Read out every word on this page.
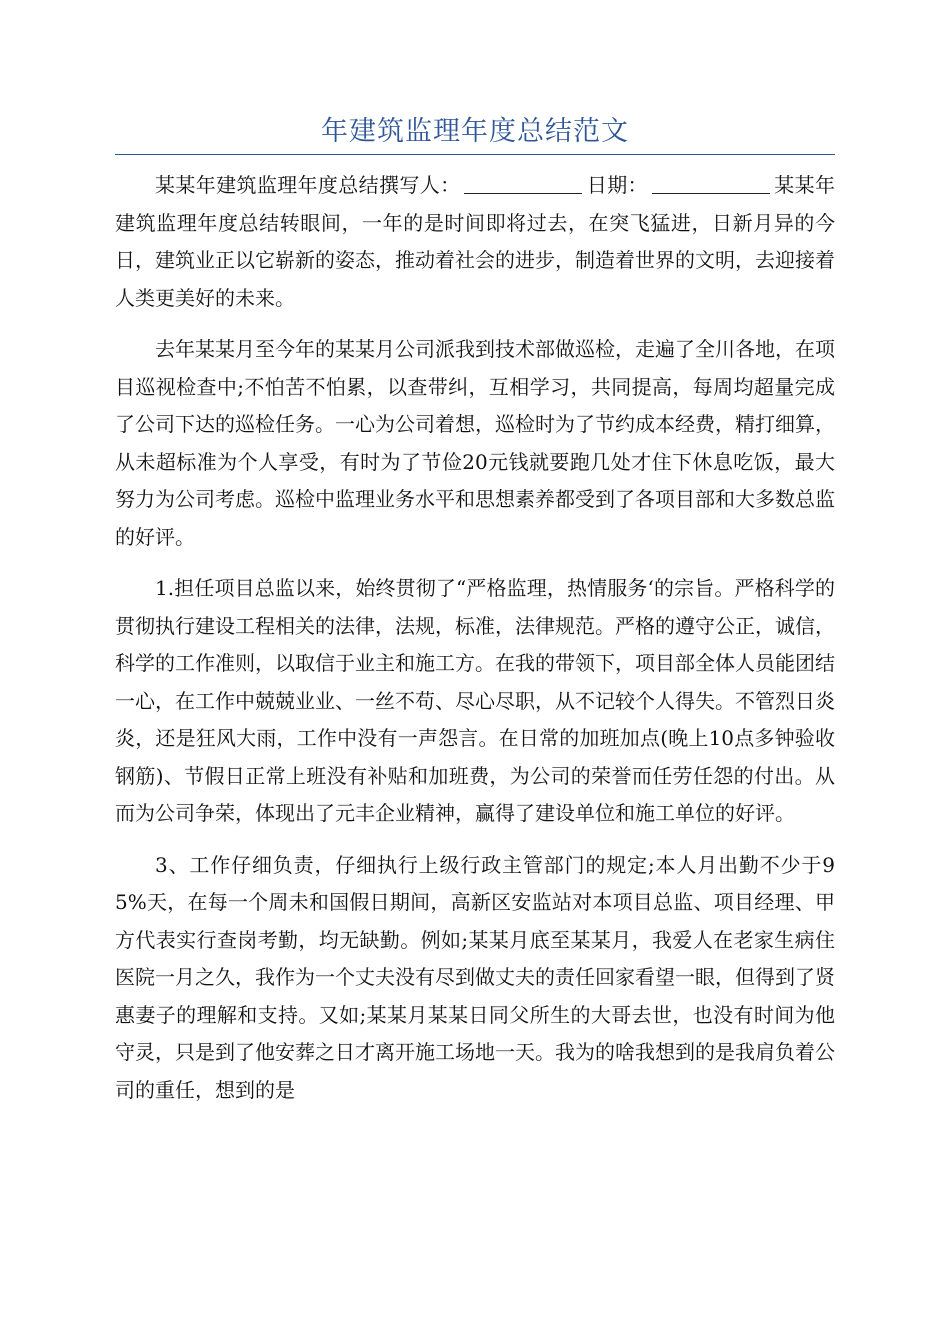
年建筑监理年度总结范文

某某年建筑监理年度总结撰写人：	日期：	某某年建筑监理年度总结转眼间，一年的是时间即将过去，在突飞猛进，日新月异的今日，建筑业正以它崭新的姿态，推动着社会的进步，制造着世界的文明，去迎接着人类更美好的未来。

去年某某月至今年的某某月公司派我到技术部做巡检，走遍了全川各地，在项目巡视检查中;不怕苦不怕累，以查带纠，互相学习，共同提高，每周均超量完成了公司下达的巡检任务。一心为公司着想，巡检时为了节约成本经费，精打细算，从未超标准为个人享受，有时为了节俭20元钱就要跑几处才住下休息吃饭，最大努力为公司考虑。巡检中监理业务水平和思想素养都受到了各项目部和大多数总监的好评。

1.担任项目总监以来，始终贯彻了“严格监理，热情服务‘的宗旨。严格科学的贯彻执行建设工程相关的法律，法规，标准，法律规范。严格的遵守公正，诚信，科学的工作准则，以取信于业主和施工方。在我的带领下，项目部全体人员能团结一心，在工作中兢兢业业、一丝不苟、尽心尽职，从不记较个人得失。不管烈日炎炎，还是狂风大雨，工作中没有一声怨言。在日常的加班加点(晚上10点多钟验收钢筋)、节假日正常上班没有补贴和加班费，为公司的荣誉而任劳任怨的付出。从而为公司争荣，体现出了元丰企业精神，赢得了建设单位和施工单位的好评。

3、工作仔细负责，仔细执行上级行政主管部门的规定;本人月出勤不少于95%天，在每一个周未和国假日期间，高新区安监站对本项目总监、项目经理、甲方代表实行查岗考勤，均无缺勤。例如;某某月底至某某月，我爱人在老家生病住医院一月之久，我作为一个丈夫没有尽到做丈夫的责任回家看望一眼，但得到了贤惠妻子的理解和支持。又如;某某月某某日同父所生的大哥去世，也没有时间为他守灵，只是到了他安葬之日才离开施工场地一天。我为的啥我想到的是我肩负着公司的重任，想到的是
